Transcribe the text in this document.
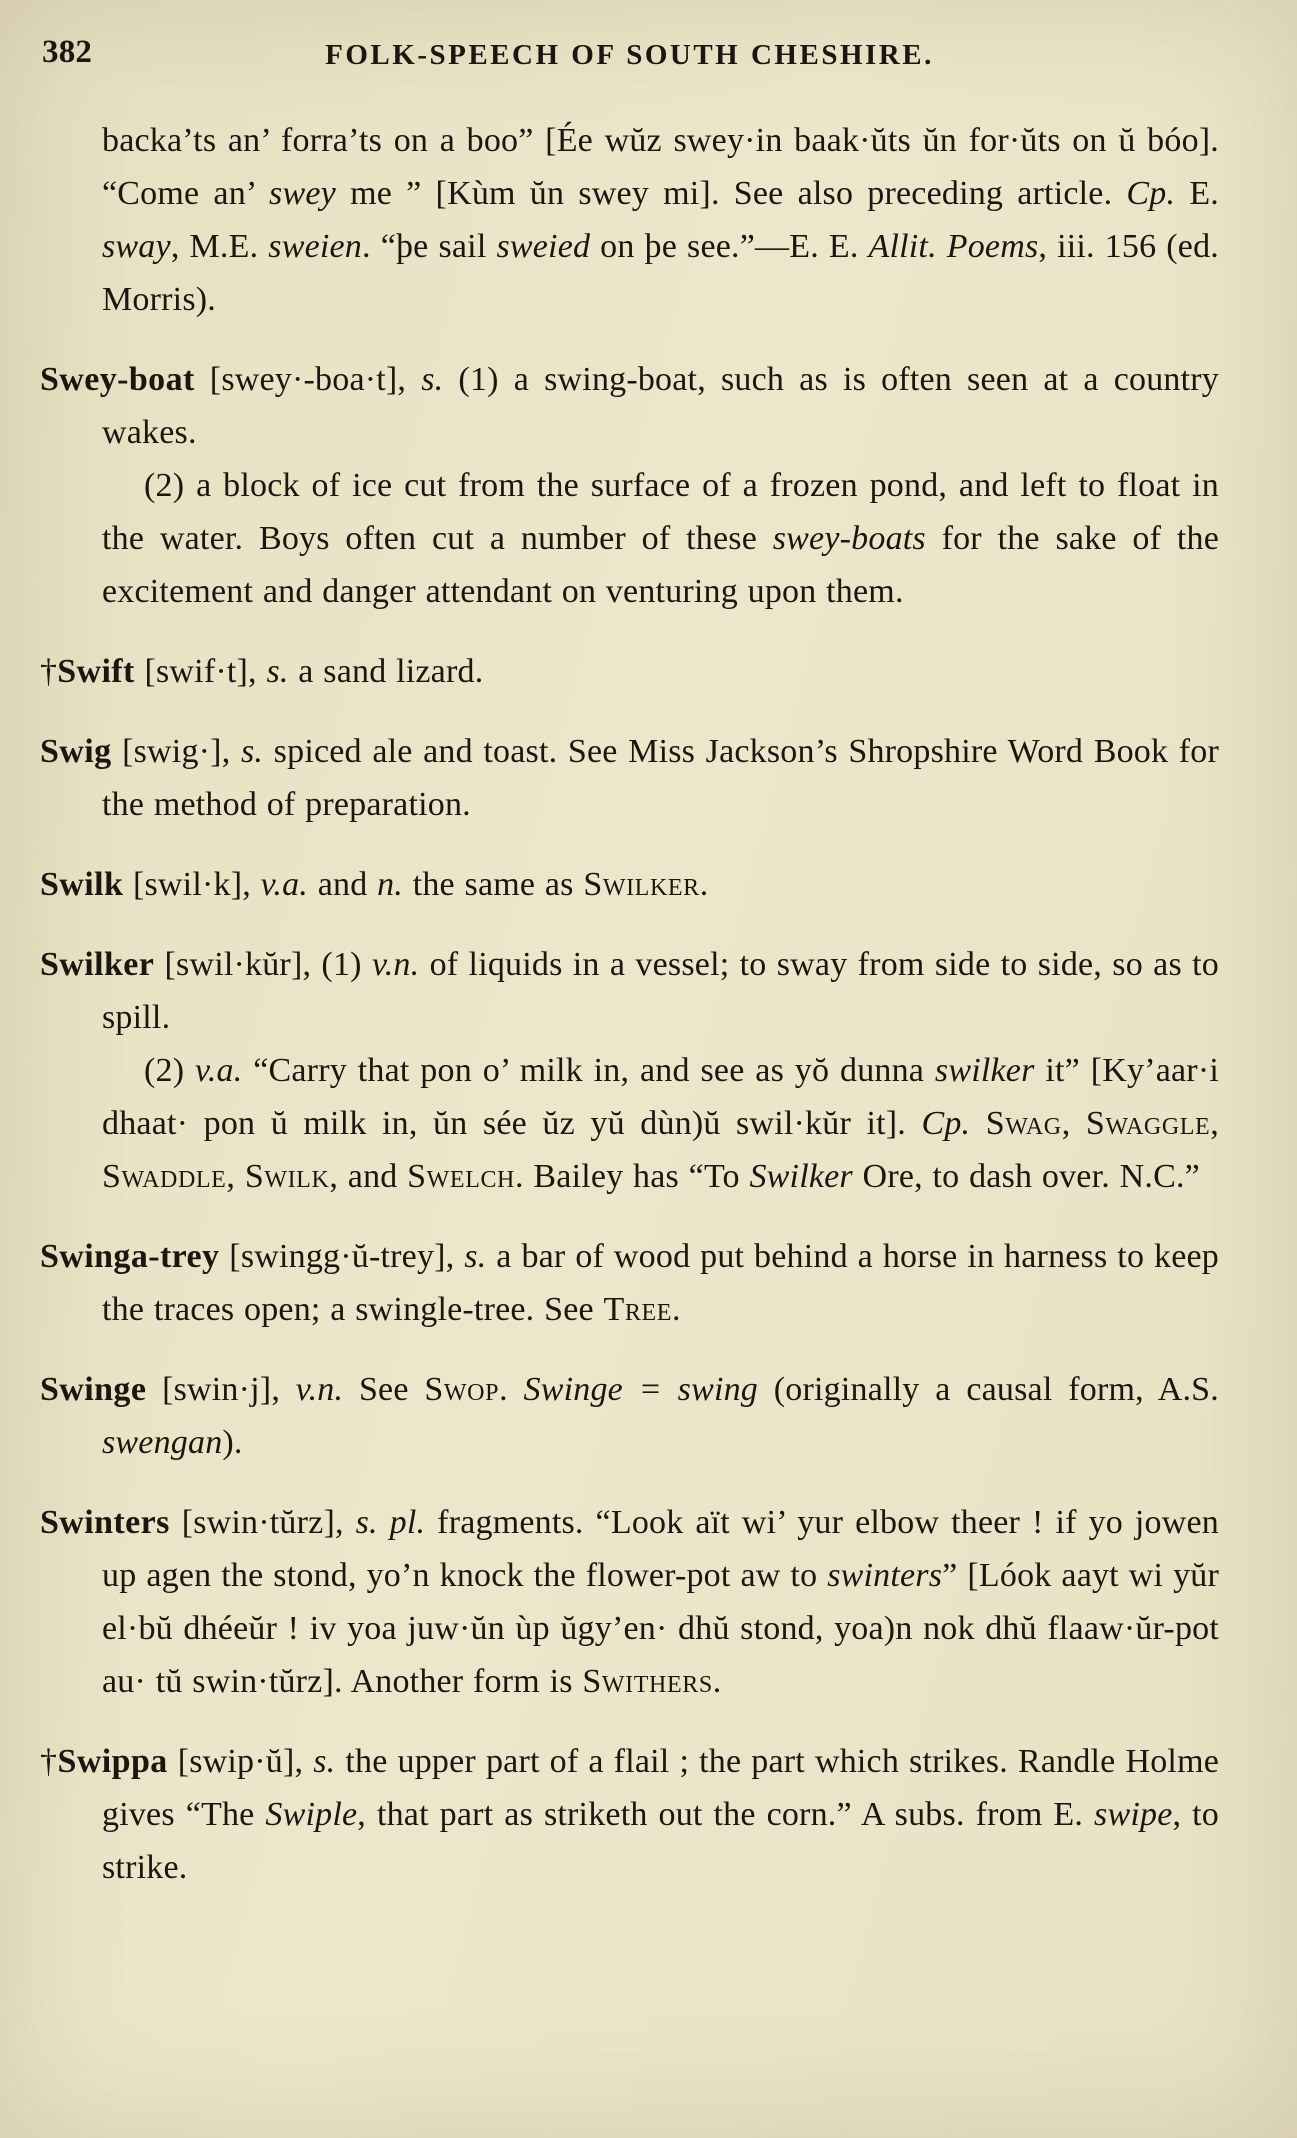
382	FOLK-SPEECH OF SOUTH CHESHIRE.

backa’ts an’ forra’ts on a boo” [Ée wŭz swey·in baak·ŭts ŭn for·ŭts on ŭ bóo]. “Come an’ swey me ” [Kùm ŭn swey mi]. See also preceding article. Cp. E. sway, M.E. sweien. “þe sail sweied on þe see.”—E. E. Allit. Poems, iii. 156 (ed. Morris).

Swey-boat [swey·-boa·t], s. (1) a swing-boat, such as is often seen at a country wakes.

(2) a block of ice cut from the surface of a frozen pond, and left to float in the water. Boys often cut a number of these swey-boats for the sake of the excitement and danger attendant on venturing upon them.

†Swift [swif·t], s. a sand lizard.

Swig [swig·], s. spiced ale and toast. See Miss Jackson’s Shropshire Word Book for the method of preparation.

Swilk [swil·k], v.a. and n. the same as Swilker.

Swilker [swil·kŭr], (1) v.n. of liquids in a vessel; to sway from side to side, so as to spill.

(2) v.a. “Carry that pon o’ milk in, and see as yŏ dunna swilker it” [Ky’aar·i dhaat· pon ŭ milk in, ŭn sée ŭz yŭ dùn)ŭ swil·kŭr it]. Cp. Swag, Swaggle, Swaddle, Swilk, and Swelch. Bailey has “To Swilker Ore, to dash over. N.C.”

Swinga-trey [swingg·ŭ-trey], s. a bar of wood put behind a horse in harness to keep the traces open; a swingle-tree. See Tree.

Swinge [swin·j], v.n. See Swop. Swinge = swing (originally a causal form, A.S. swengan).

Swinters [swin·tŭrz], s. pl. fragments. “Look aït wi’ yur elbow theer ! if yo jowen up agen the stond, yo’n knock the flower-pot aw to swinters” [Lóok aayt wi yŭr el·bŭ dhéeŭr ! iv yoa juw·ŭn ùp ŭgy’en· dhŭ stond, yoa)n nok dhŭ flaaw·ŭr-pot au· tŭ swin·tŭrz]. Another form is Swithers.

†Swippa [swip·ŭ], s. the upper part of a flail ; the part which strikes. Randle Holme gives “The Swiple, that part as striketh out the corn.” A subs. from E. swipe, to strike.
